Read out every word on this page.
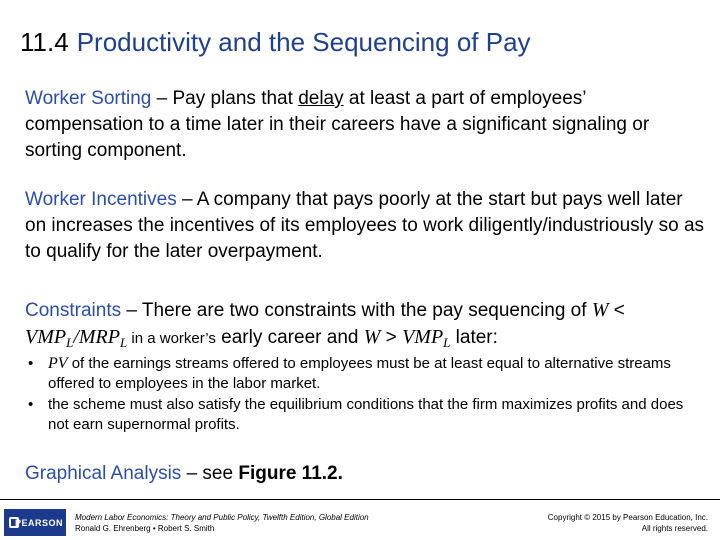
11.4 Productivity and the Sequencing of Pay

Worker Sorting – Pay plans that delay at least a part of employees’ compensation to a time later in their careers have a significant signaling or sorting component.

Worker Incentives – A company that pays poorly at the start but pays well later on increases the incentives of its employees to work diligently/industriously so as to qualify for the later overpayment.

Constraints – There are two constraints with the pay sequencing of $W < VMP_L/MRP_L$ in a worker’s early career and $W > VMP_L$ later:

• PV of the earnings streams offered to employees must be at least equal to alternative streams offered to employees in the labor market.
• the scheme must also satisfy the equilibrium conditions that the firm maximizes profits and does not earn supernormal profits.

Graphical Analysis – see Figure 11.2.

PEARSON Modern Labor Economics: Theory and Public Policy, Twelfth Edition, Global Edition
Ronald G. Ehrenberg • Robert S. Smith
Copyright © 2015 by Pearson Education, Inc.
All rights reserved.
